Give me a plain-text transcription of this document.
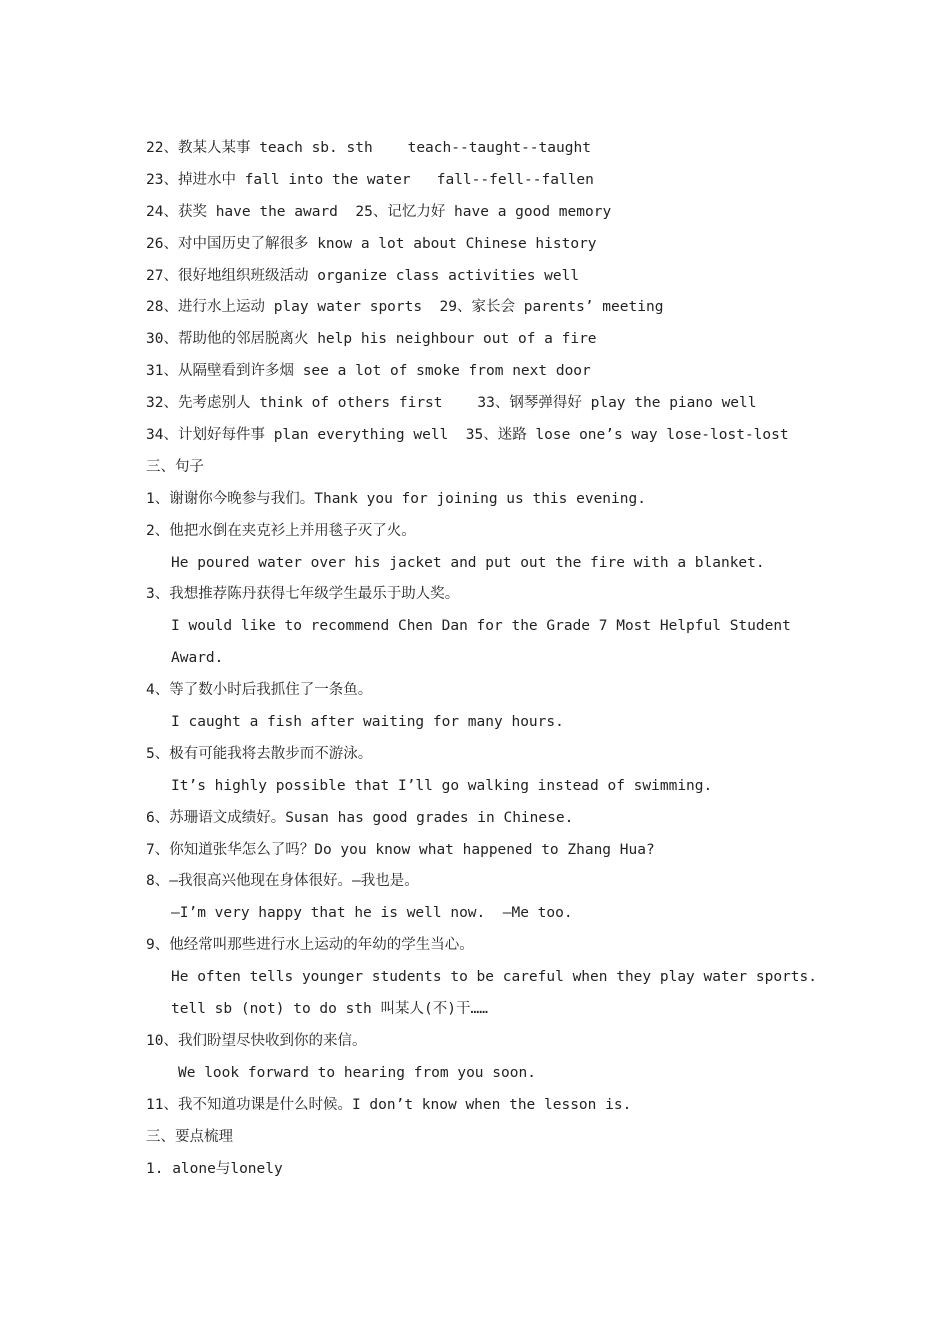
22、教某人某事 teach sb. sth    teach--taught--taught
23、掉进水中 fall into the water   fall--fell--fallen
24、获奖 have the award  25、记忆力好 have a good memory
26、对中国历史了解很多 know a lot about Chinese history
27、很好地组织班级活动 organize class activities well
28、进行水上运动 play water sports  29、家长会 parents’ meeting
30、帮助他的邻居脱离火 help his neighbour out of a fire
31、从隔壁看到许多烟 see a lot of smoke from next door
32、先考虑别人 think of others first    33、钢琴弹得好 play the piano well
34、计划好每件事 plan everything well  35、迷路 lose one’s way lose-lost-lost
三、句子
1、谢谢你今晚参与我们。Thank you for joining us this evening.
2、他把水倒在夹克衫上并用毯子灭了火。
He poured water over his jacket and put out the fire with a blanket.
3、我想推荐陈丹获得七年级学生最乐于助人奖。
I would like to recommend Chen Dan for the Grade 7 Most Helpful Student
Award.
4、等了数小时后我抓住了一条鱼。
I caught a fish after waiting for many hours.
5、极有可能我将去散步而不游泳。
It’s highly possible that I’ll go walking instead of swimming.
6、苏珊语文成绩好。Susan has good grades in Chinese.
7、你知道张华怎么了吗？Do you know what happened to Zhang Hua?
8、—我很高兴他现在身体很好。—我也是。
—I’m very happy that he is well now.  —Me too.
9、他经常叫那些进行水上运动的年幼的学生当心。
He often tells younger students to be careful when they play water sports.
tell sb (not) to do sth 叫某人(不)干……
10、我们盼望尽快收到你的来信。
We look forward to hearing from you soon.
11、我不知道功课是什么时候。I don’t know when the lesson is.
三、要点梳理
1. alone与lonely
